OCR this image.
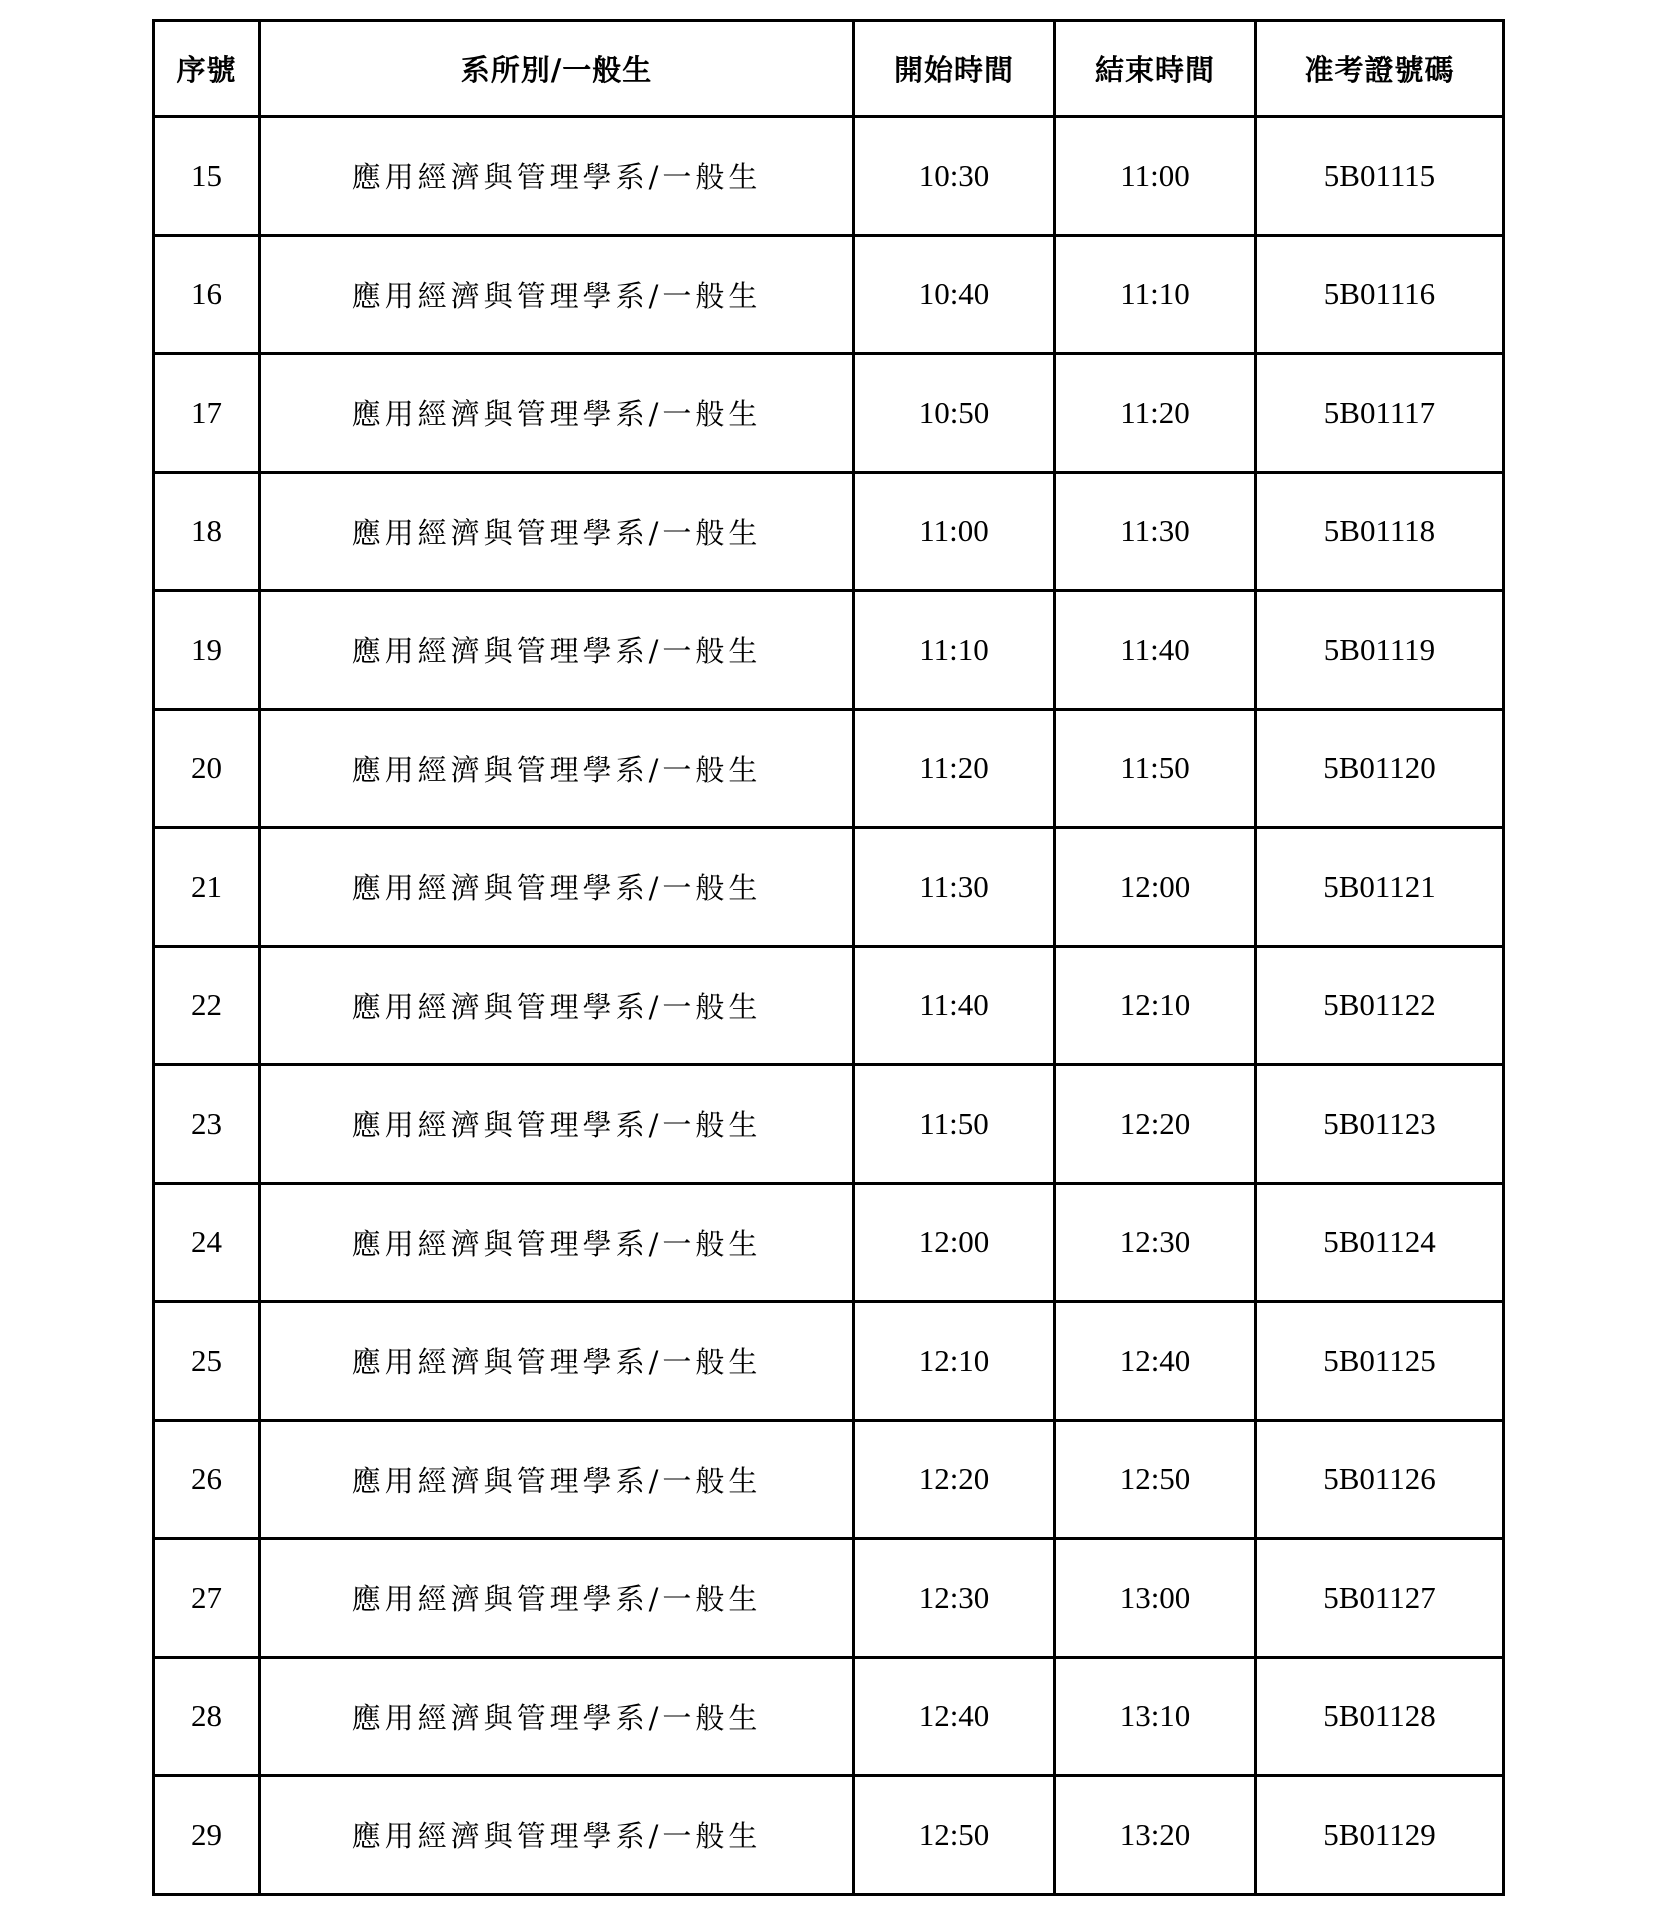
序號	系所別/一般生	開始時間	結束時間	准考證號碼
15	應用經濟與管理學系/一般生	10:30	11:00	5B01115
16	應用經濟與管理學系/一般生	10:40	11:10	5B01116
17	應用經濟與管理學系/一般生	10:50	11:20	5B01117
18	應用經濟與管理學系/一般生	11:00	11:30	5B01118
19	應用經濟與管理學系/一般生	11:10	11:40	5B01119
20	應用經濟與管理學系/一般生	11:20	11:50	5B01120
21	應用經濟與管理學系/一般生	11:30	12:00	5B01121
22	應用經濟與管理學系/一般生	11:40	12:10	5B01122
23	應用經濟與管理學系/一般生	11:50	12:20	5B01123
24	應用經濟與管理學系/一般生	12:00	12:30	5B01124
25	應用經濟與管理學系/一般生	12:10	12:40	5B01125
26	應用經濟與管理學系/一般生	12:20	12:50	5B01126
27	應用經濟與管理學系/一般生	12:30	13:00	5B01127
28	應用經濟與管理學系/一般生	12:40	13:10	5B01128
29	應用經濟與管理學系/一般生	12:50	13:20	5B01129
